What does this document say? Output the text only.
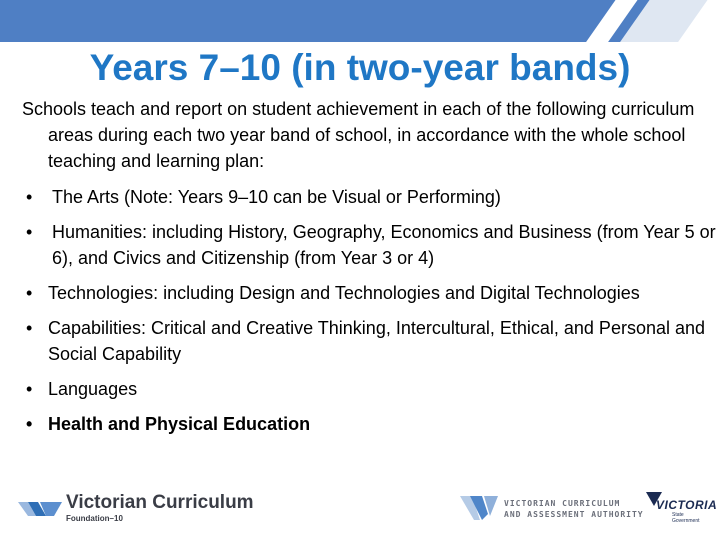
Years 7–10 (in two-year bands)

Schools teach and report on student achievement in each of the following curriculum areas during each two year band of school, in accordance with the whole school teaching and learning plan:

• The Arts (Note: Years 9–10 can be Visual or Performing)
• Humanities: including History, Geography, Economics and Business (from Year 5 or 6), and Civics and Citizenship (from Year 3 or 4)
• Technologies: including Design and Technologies and Digital Technologies
• Capabilities: Critical and Creative Thinking, Intercultural, Ethical, and Personal and Social Capability
• Languages
• Health and Physical Education
Victorian Curriculum
Foundation–10
VICTORIAN CURRICULUM
AND ASSESSMENT AUTHORITY
VICTORIA
State
Government
